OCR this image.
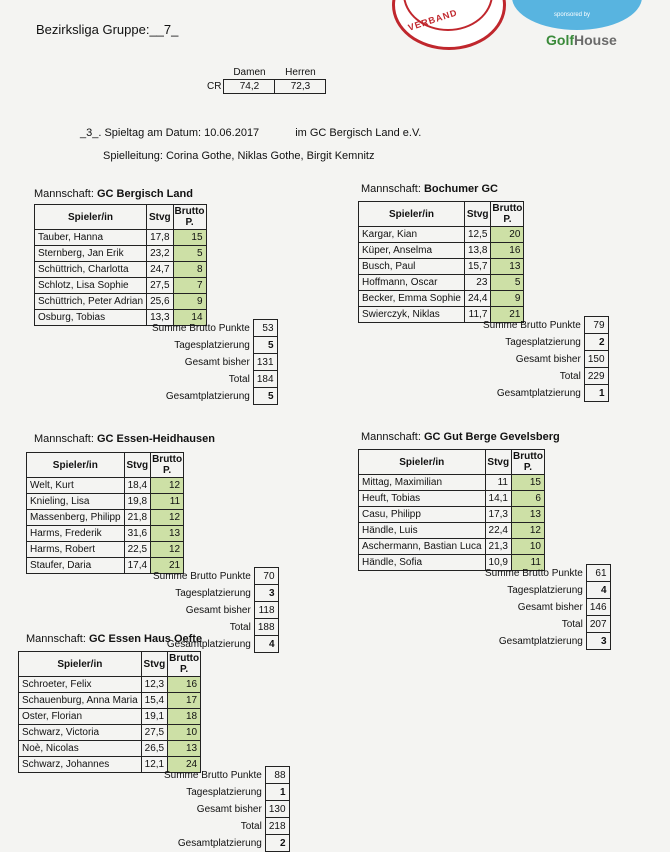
Bezirksliga Gruppe:__7_	VERBAND	sponsored by
GolfHouse
	Damen	Herren
CR	74,2	72,3
_3_. Spieltag am Datum: 10.06.2017	im GC Bergisch Land e.V.
Spielleitung: Corina Gothe, Niklas Gothe, Birgit Kemnitz
Mannschaft: GC Bergisch Land
Spieler/in	Stvg	Brutto P.
Tauber, Hanna	17,8	15
Sternberg, Jan Erik	23,2	5
Schüttrich, Charlotta	24,7	8
Schlotz, Lisa Sophie	27,5	7
Schüttrich, Peter Adrian	25,6	9
Osburg, Tobias	13,3	14
Summe Brutto Punkte	53
Tagesplatzierung	5
Gesamt bisher	131
Total	184
Gesamtplatzierung	5
Mannschaft: Bochumer GC
Spieler/in	Stvg	Brutto P.
Kargar, Kian	12,5	20
Küper, Anselma	13,8	16
Busch, Paul	15,7	13
Hoffmann, Oscar	23	5
Becker, Emma Sophie	24,4	9
Swierczyk, Niklas	11,7	21
Summe Brutto Punkte	79
Tagesplatzierung	2
Gesamt bisher	150
Total	229
Gesamtplatzierung	1
Mannschaft: GC Essen-Heidhausen
Spieler/in	Stvg	Brutto P.
Welt, Kurt	18,4	12
Knieling, Lisa	19,8	11
Massenberg, Philipp	21,8	12
Harms, Frederik	31,6	13
Harms, Robert	22,5	12
Staufer, Daria	17,4	21
Summe Brutto Punkte	70
Tagesplatzierung	3
Gesamt bisher	118
Total	188
Gesamtplatzierung	4
Mannschaft: GC Gut Berge Gevelsberg
Spieler/in	Stvg	Brutto P.
Mittag, Maximilian	11	15
Heuft, Tobias	14,1	6
Casu, Philipp	17,3	13
Händle, Luis	22,4	12
Aschermann, Bastian Luca	21,3	10
Händle, Sofia	10,9	11
Summe Brutto Punkte	61
Tagesplatzierung	4
Gesamt bisher	146
Total	207
Gesamtplatzierung	3
Mannschaft: GC Essen Haus Oefte
Spieler/in	Stvg	Brutto P.
Schroeter, Felix	12,3	16
Schauenburg, Anna Maria	15,4	17
Oster, Florian	19,1	18
Schwarz, Victoria	27,5	10
Noè, Nicolas	26,5	13
Schwarz, Johannes	12,1	24
Summe Brutto Punkte	88
Tagesplatzierung	1
Gesamt bisher	130
Total	218
Gesamtplatzierung	2
